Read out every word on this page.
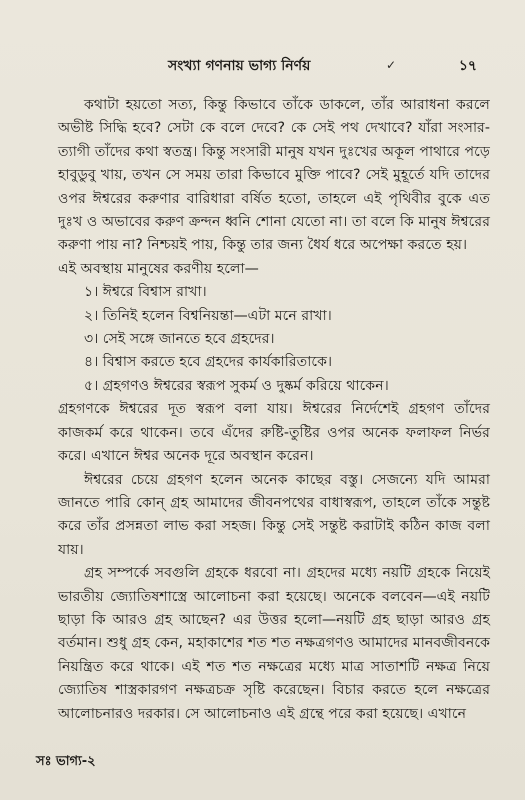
সংখ্যা গণনায় ভাগ্য নির্ণয়	✓	১৭

কথাটা হয়তো সত্য, কিন্তু কিভাবে তাঁকে ডাকলে, তাঁর আরাধনা করলে অভীষ্ট সিদ্ধি হবে? সেটা কে বলে দেবে? কে সেই পথ দেখাবে? যাঁরা সংসার-ত্যাগী তাঁদের কথা স্বতন্ত্র। কিন্তু সংসারী মানুষ যখন দুঃখের অকূল পাথারে পড়ে হাবুডুবু খায়, তখন সে সময় তারা কিভাবে মুক্তি পাবে? সেই মুহূর্তে যদি তাদের ওপর ঈশ্বরের করুণার বারিধারা বর্ষিত হতো, তাহলে এই পৃথিবীর বুকে এত দুঃখ ও অভাবের করুণ ক্রন্দন ধ্বনি শোনা যেতো না। তা বলে কি মানুষ ঈশ্বরের করুণা পায় না? নিশ্চয়ই পায়, কিন্তু তার জন্য ধৈর্য ধরে অপেক্ষা করতে হয়।

এই অবস্থায় মানুষের করণীয় হলো—

১। ঈশ্বরে বিশ্বাস রাখা।
২। তিনিই হলেন বিশ্বনিয়ন্তা—এটা মনে রাখা।
৩। সেই সঙ্গে জানতে হবে গ্রহদের।
৪। বিশ্বাস করতে হবে গ্রহদের কার্যকারিতাকে।
৫। গ্রহগণও ঈশ্বরের স্বরূপ সুকর্ম ও দুষ্কর্ম করিয়ে থাকেন।

গ্রহগণকে ঈশ্বরের দূত স্বরূপ বলা যায়। ঈশ্বরের নির্দেশেই গ্রহগণ তাঁদের কাজকর্ম করে থাকেন। তবে এঁদের রুষ্টি-তুষ্টির ওপর অনেক ফলাফল নির্ভর করে। এখানে ঈশ্বর অনেক দূরে অবস্থান করেন।

ঈশ্বরের চেয়ে গ্রহগণ হলেন অনেক কাছের বস্তু। সেজন্যে যদি আমরা জানতে পারি কোন্ গ্রহ আমাদের জীবনপথের বাধাস্বরূপ, তাহলে তাঁকে সন্তুষ্ট করে তাঁর প্রসন্নতা লাভ করা সহজ। কিন্তু সেই সন্তুষ্ট করাটাই কঠিন কাজ বলা যায়।

গ্রহ সম্পর্কে সবগুলি গ্রহকে ধরবো না। গ্রহদের মধ্যে নয়টি গ্রহকে নিয়েই ভারতীয় জ্যোতিষশাস্ত্রে আলোচনা করা হয়েছে। অনেকে বলবেন—এই নয়টি ছাড়া কি আরও গ্রহ আছেন? এর উত্তর হলো—নয়টি গ্রহ ছাড়া আরও গ্রহ বর্তমান। শুধু গ্রহ কেন, মহাকাশের শত শত নক্ষত্রগণও আমাদের মানবজীবনকে নিয়ন্ত্রিত করে থাকে। এই শত শত নক্ষত্রের মধ্যে মাত্র সাতাশটি নক্ষত্র নিয়ে জ্যোতিষ শাস্ত্রকারগণ নক্ষত্রচক্র সৃষ্টি করেছেন। বিচার করতে হলে নক্ষত্রের আলোচনারও দরকার। সে আলোচনাও এই গ্রন্থে পরে করা হয়েছে। এখানে

সঃ ভাগ্য-২
